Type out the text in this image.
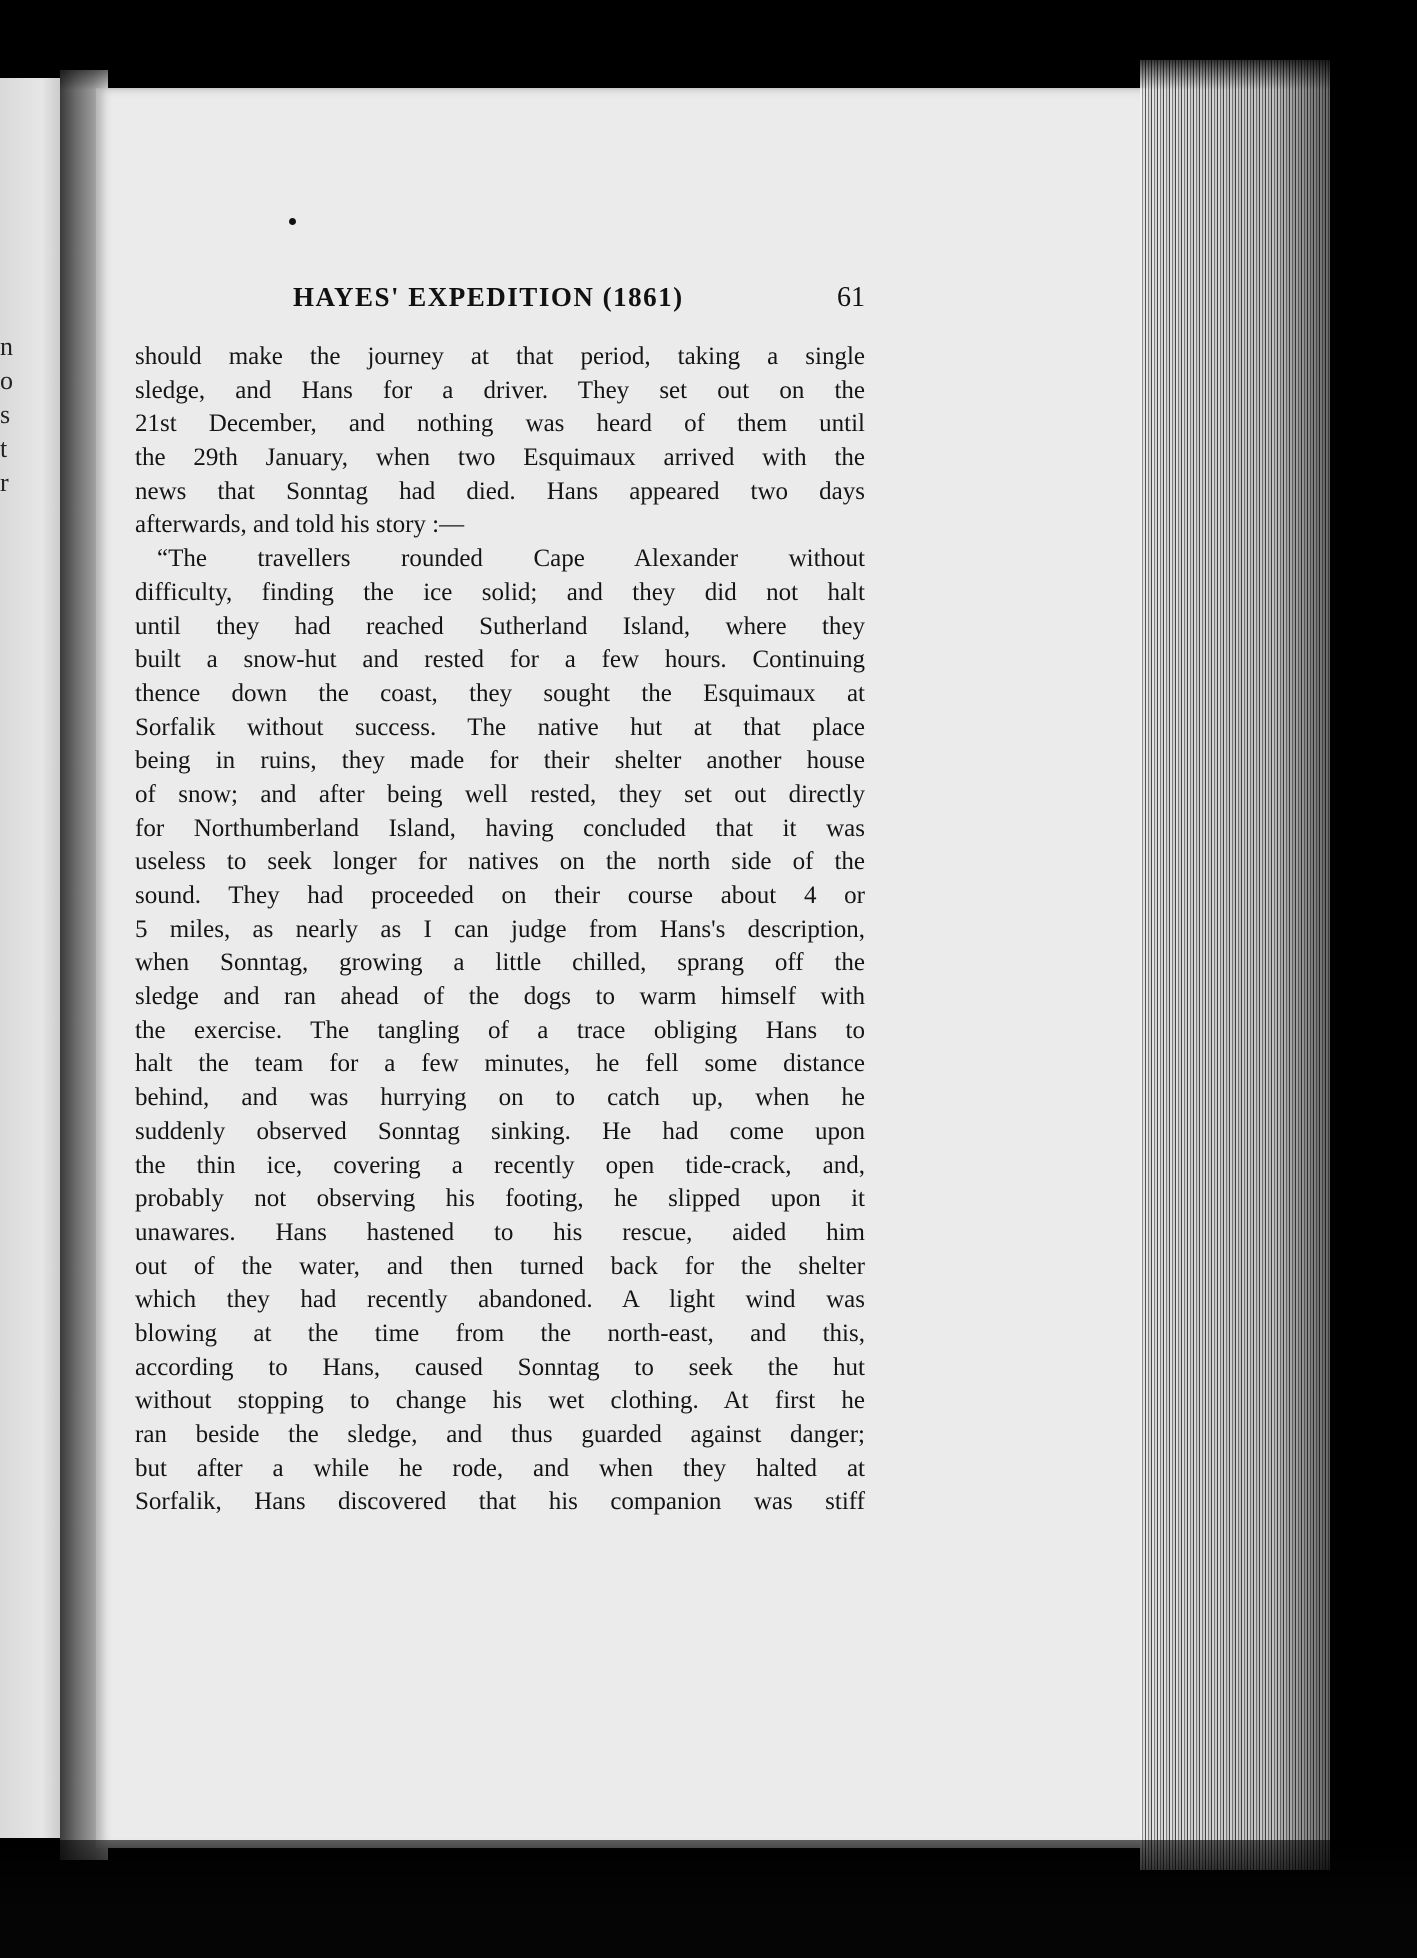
n
o
s
t
r
HAYES' EXPEDITION (1861)	61
should make the journey at that period, taking a single
sledge, and Hans for a driver. They set out on the
21st December, and nothing was heard of them until
the 29th January, when two Esquimaux arrived with the
news that Sonntag had died. Hans appeared two days
afterwards, and told his story :—
“The travellers rounded Cape Alexander without
difficulty, finding the ice solid; and they did not halt
until they had reached Sutherland Island, where they
built a snow-hut and rested for a few hours. Continuing
thence down the coast, they sought the Esquimaux at
Sorfalik without success. The native hut at that place
being in ruins, they made for their shelter another house
of snow; and after being well rested, they set out directly
for Northumberland Island, having concluded that it was
useless to seek longer for natives on the north side of the
sound. They had proceeded on their course about 4 or
5 miles, as nearly as I can judge from Hans's description,
when Sonntag, growing a little chilled, sprang off the
sledge and ran ahead of the dogs to warm himself with
the exercise. The tangling of a trace obliging Hans to
halt the team for a few minutes, he fell some distance
behind, and was hurrying on to catch up, when he
suddenly observed Sonntag sinking. He had come upon
the thin ice, covering a recently open tide-crack, and,
probably not observing his footing, he slipped upon it
unawares. Hans hastened to his rescue, aided him
out of the water, and then turned back for the shelter
which they had recently abandoned. A light wind was
blowing at the time from the north-east, and this,
according to Hans, caused Sonntag to seek the hut
without stopping to change his wet clothing. At first he
ran beside the sledge, and thus guarded against danger;
but after a while he rode, and when they halted at
Sorfalik, Hans discovered that his companion was stiff
